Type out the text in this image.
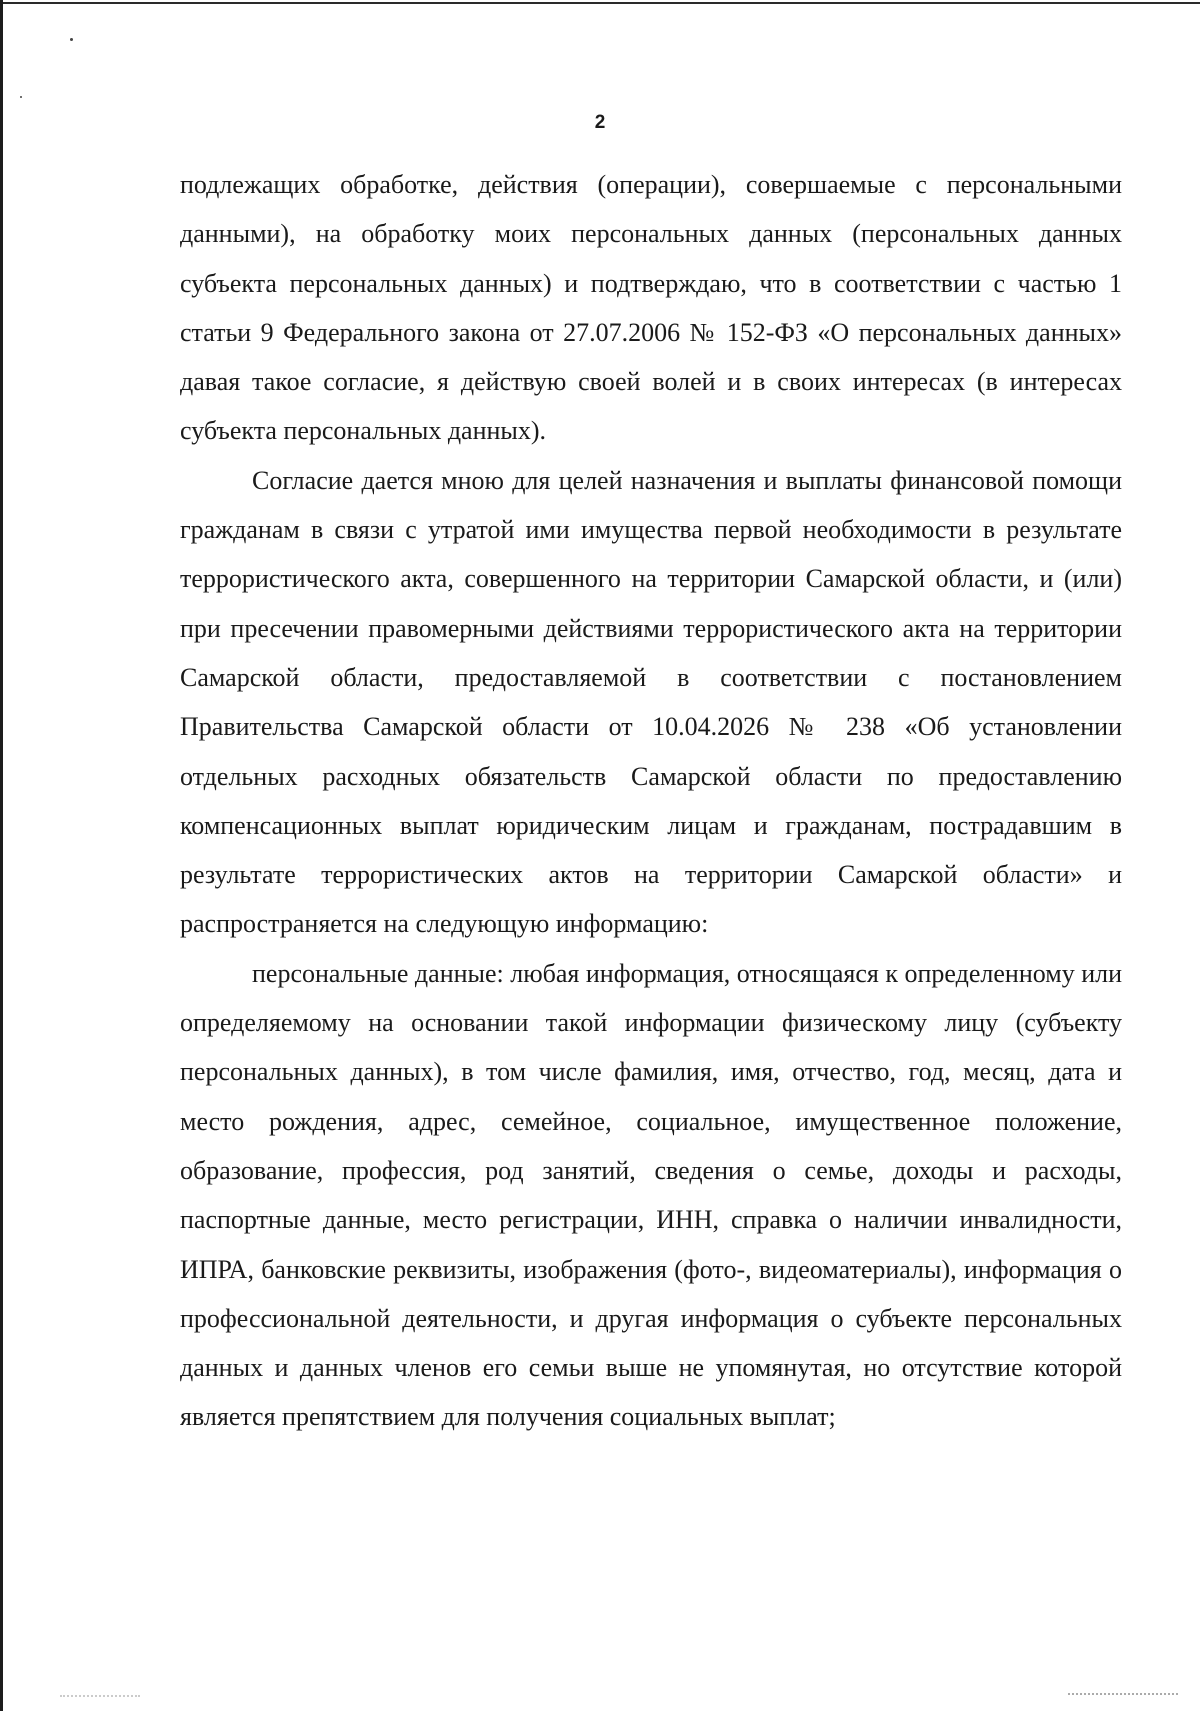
2

подлежащих обработке, действия (операции), совершаемые с персональными данными), на обработку моих персональных данных (персональных данных субъекта персональных данных) и подтверждаю, что в соответствии с частью 1 статьи 9 Федерального закона от 27.07.2006 № 152-ФЗ «О персональных данных» давая такое согласие, я действую своей волей и в своих интересах (в интересах субъекта персональных данных).

Согласие дается мною для целей назначения и выплаты финансовой помощи гражданам в связи с утратой ими имущества первой необходимости в результате террористического акта, совершенного на территории Самарской области, и (или) при пресечении правомерными действиями террористического акта на территории Самарской области, предоставляемой в соответствии с постановлением Правительства Самарской области от 10.04.2026 № 238 «Об установлении отдельных расходных обязательств Самарской области по предоставлению компенсационных выплат юридическим лицам и гражданам, пострадавшим в результате террористических актов на территории Самарской области» и распространяется на следующую информацию:

персональные данные: любая информация, относящаяся к определенному или определяемому на основании такой информации физическому лицу (субъекту персональных данных), в том числе фамилия, имя, отчество, год, месяц, дата и место рождения, адрес, семейное, социальное, имущественное положение, образование, профессия, род занятий, сведения о семье, доходы и расходы, паспортные данные, место регистрации, ИНН, справка о наличии инвалидности, ИПРА, банковские реквизиты, изображения (фото-, видеоматериалы), информация о профессиональной деятельности, и другая информация о субъекте персональных данных и данных членов его семьи выше не упомянутая, но отсутствие которой является препятствием для получения социальных выплат;
